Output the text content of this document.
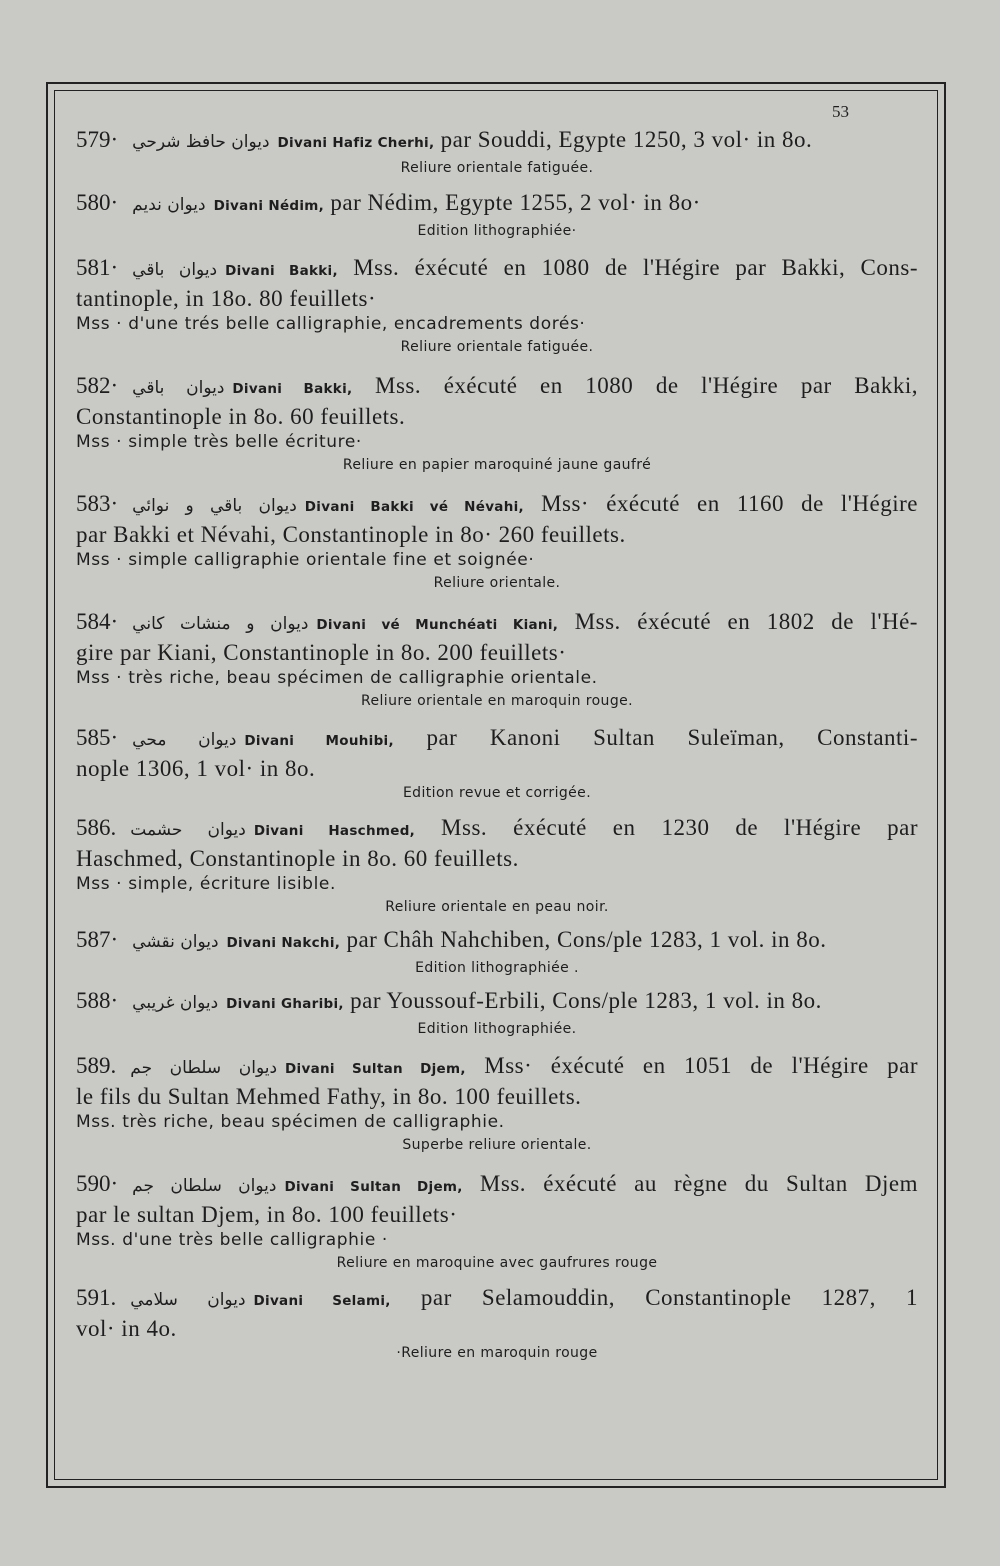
53
579· ديوان حافظ شرحي Divani Hafiz Cherhi, par Souddi, Egypte 1250, 3 vol· in 8o.
Reliure orientale fatiguée.
580· ديوان نديم Divani Nédim, par Nédim, Egypte 1255, 2 vol· in 8o·
Edition lithographiée·
581· ديوان باقي Divani Bakki, Mss. éxécuté en 1080 de l'Hégire par Bakki, Cons-
tantinople, in 18o. 80 feuillets·
Mss · d'une trés belle calligraphie, encadrements dorés·
Reliure orientale fatiguée.
582· ديوان باقي Divani Bakki, Mss. éxécuté en 1080 de l'Hégire par Bakki,
Constantinople in 8o. 60 feuillets.
Mss · simple très belle écriture·
Reliure en papier maroquiné jaune gaufré
583· ديوان باقي و نوائي Divani Bakki vé Névahi, Mss· éxécuté en 1160 de l'Hégire
par Bakki et Névahi, Constantinople in 8o· 260 feuillets.
Mss · simple calligraphie orientale fine et soignée·
Reliure orientale.
584· ديوان و منشات كاني Divani vé Munchéati Kiani, Mss. éxécuté en 1802 de l'Hé-
gire par Kiani, Constantinople in 8o. 200 feuillets·
Mss · très riche, beau spécimen de calligraphie orientale.
Reliure orientale en maroquin rouge.
585· ديوان محي Divani Mouhibi, par Kanoni Sultan Suleïman, Constanti-
nople 1306, 1 vol· in 8o.
Edition revue et corrigée.
586. ديوان حشمت Divani Haschmed, Mss. éxécuté en 1230 de l'Hégire par
Haschmed, Constantinople in 8o. 60 feuillets.
Mss · simple, écriture lisible.
Reliure orientale en peau noir.
587· ديوان نقشي Divani Nakchi, par Châh Nahchiben, Cons/ple 1283, 1 vol. in 8o.
Edition lithographiée .
588· ديوان غريبي Divani Gharibi, par Youssouf-Erbili, Cons/ple 1283, 1 vol. in 8o.
Edition lithographiée.
589. ديوان سلطان جم Divani Sultan Djem, Mss· éxécuté en 1051 de l'Hégire par
le fils du Sultan Mehmed Fathy, in 8o. 100 feuillets.
Mss. très riche, beau spécimen de calligraphie.
Superbe reliure orientale.
590· ديوان سلطان جم Divani Sultan Djem, Mss. éxécuté au règne du Sultan Djem
par le sultan Djem, in 8o. 100 feuillets·
Mss. d'une très belle calligraphie ·
Reliure en maroquine avec gaufrures rouge
591. ديوان سلامي Divani Selami, par Selamouddin, Constantinople 1287, 1
vol· in 4o.
·Reliure en maroquin rouge
